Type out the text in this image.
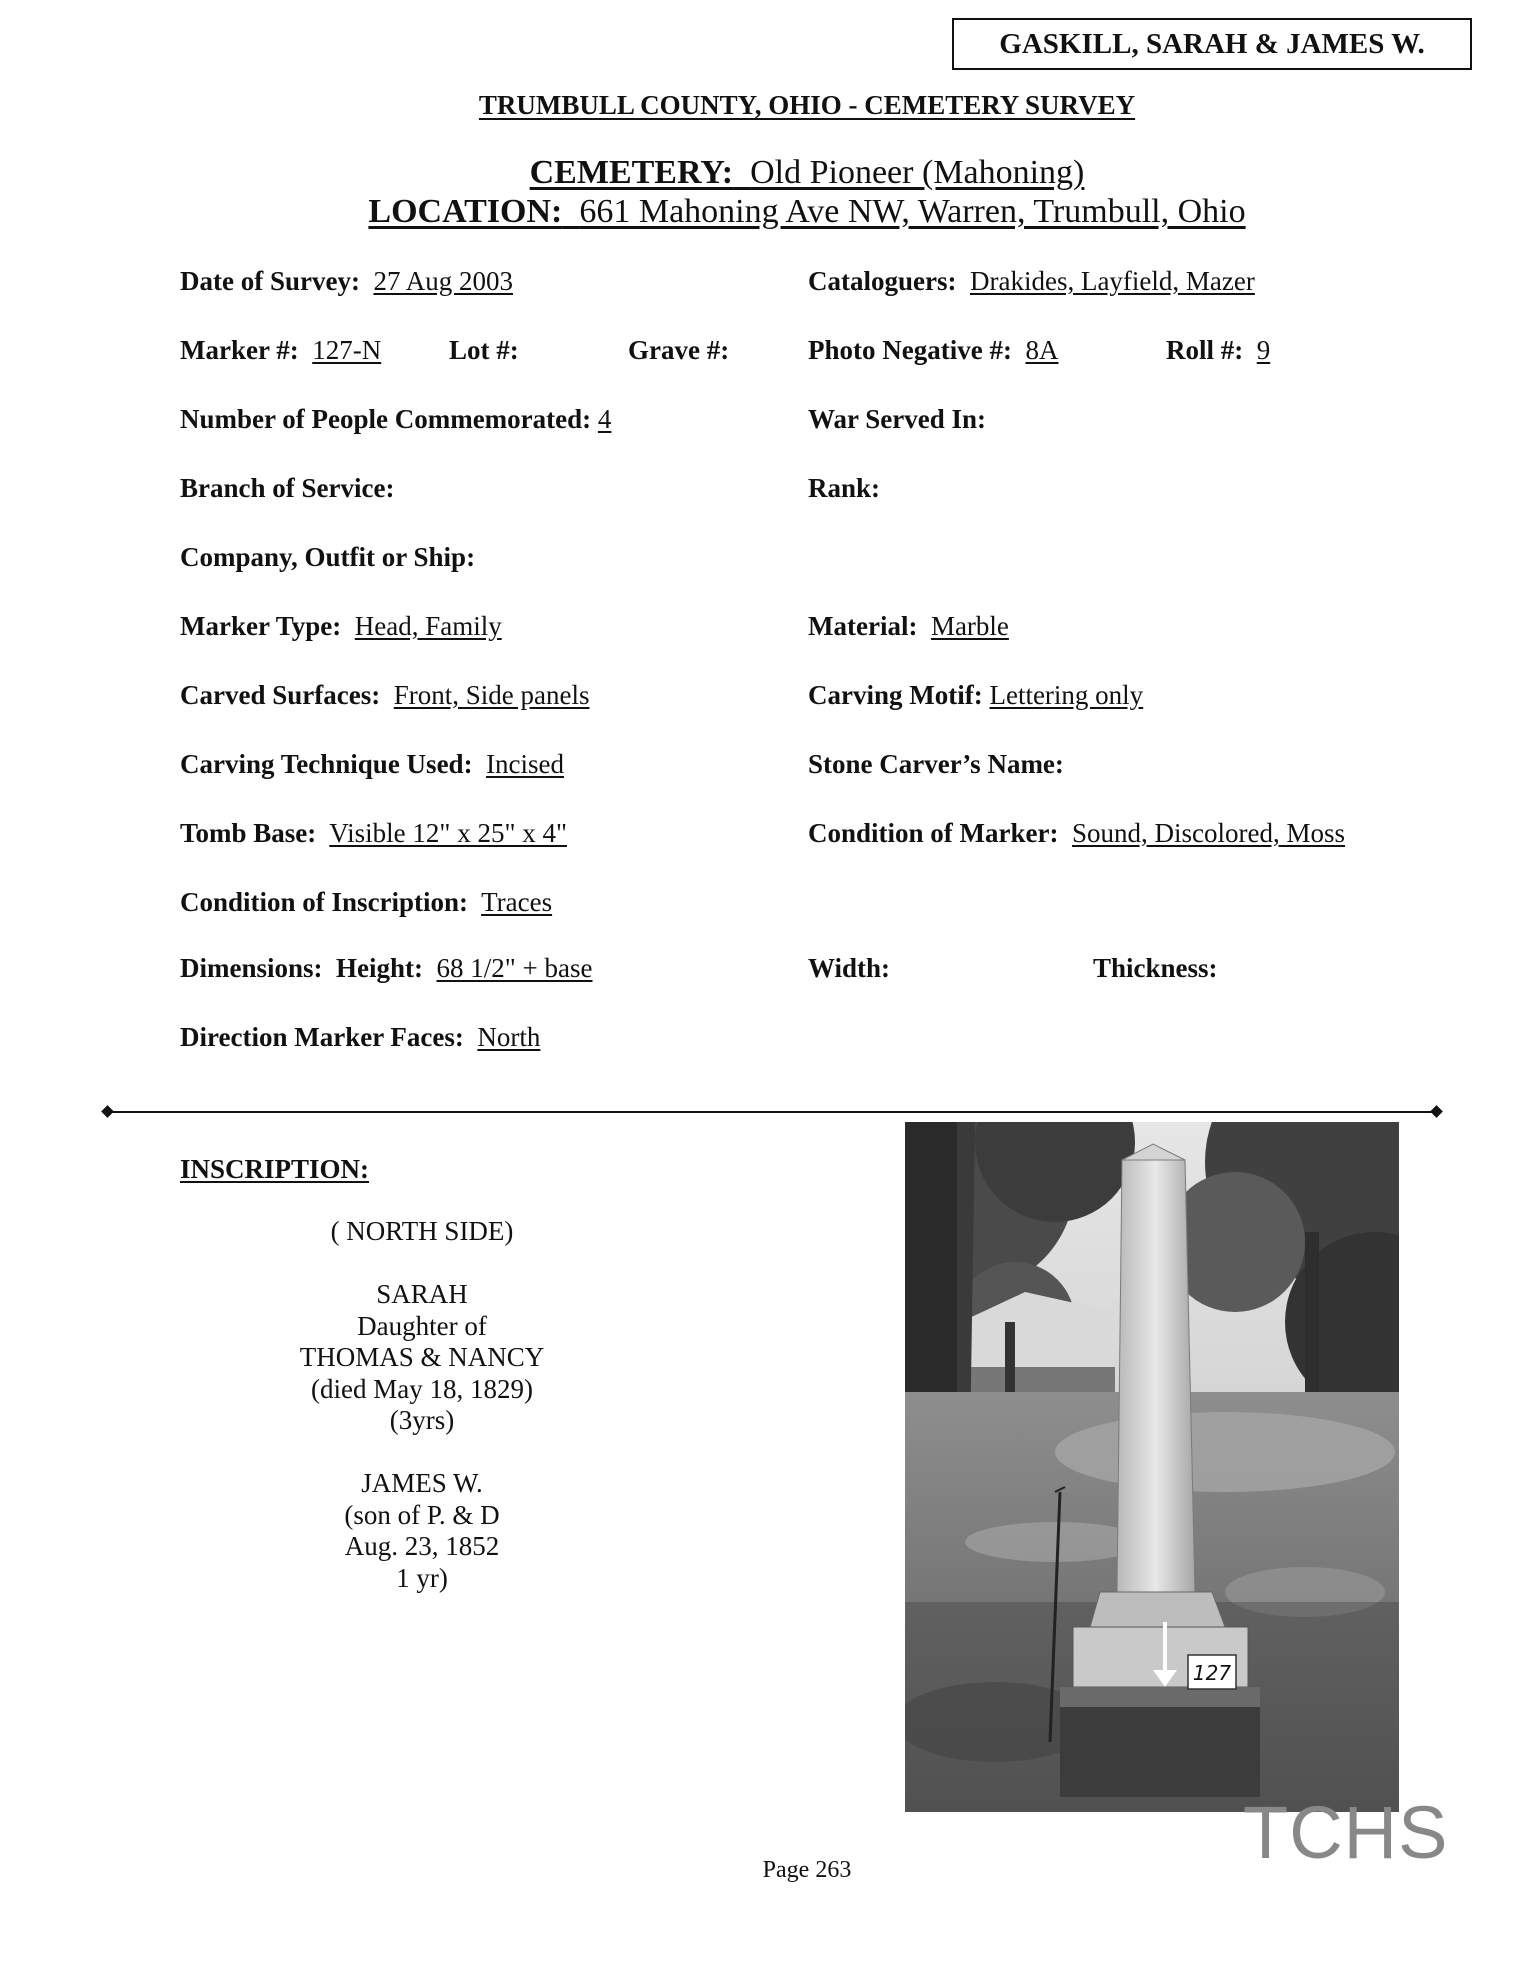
GASKILL, SARAH & JAMES W.
TRUMBULL COUNTY, OHIO - CEMETERY SURVEY
CEMETERY: Old Pioneer (Mahoning)
LOCATION: 661 Mahoning Ave NW, Warren, Trumbull, Ohio
Date of Survey: 27 Aug 2003	Cataloguers: Drakides, Layfield, Mazer
Marker #: 127-N	Lot #:	Grave #:	Photo Negative #: 8A	Roll #: 9
Number of People Commemorated: 4	War Served In:
Branch of Service:	Rank:
Company, Outfit or Ship:
Marker Type: Head, Family	Material: Marble
Carved Surfaces: Front, Side panels	Carving Motif: Lettering only
Carving Technique Used: Incised	Stone Carver’s Name:
Tomb Base: Visible 12" x 25" x 4"	Condition of Marker: Sound, Discolored, Moss
Condition of Inscription: Traces
Dimensions: Height: 68 1/2" + base	Width:	Thickness:
Direction Marker Faces: North
INSCRIPTION:
( NORTH SIDE)

SARAH
Daughter of
THOMAS & NANCY
(died May 18, 1829)
(3yrs)

JAMES W.
(son of P. & D
Aug. 23, 1852
1 yr)
127
TCHS
Page 263
